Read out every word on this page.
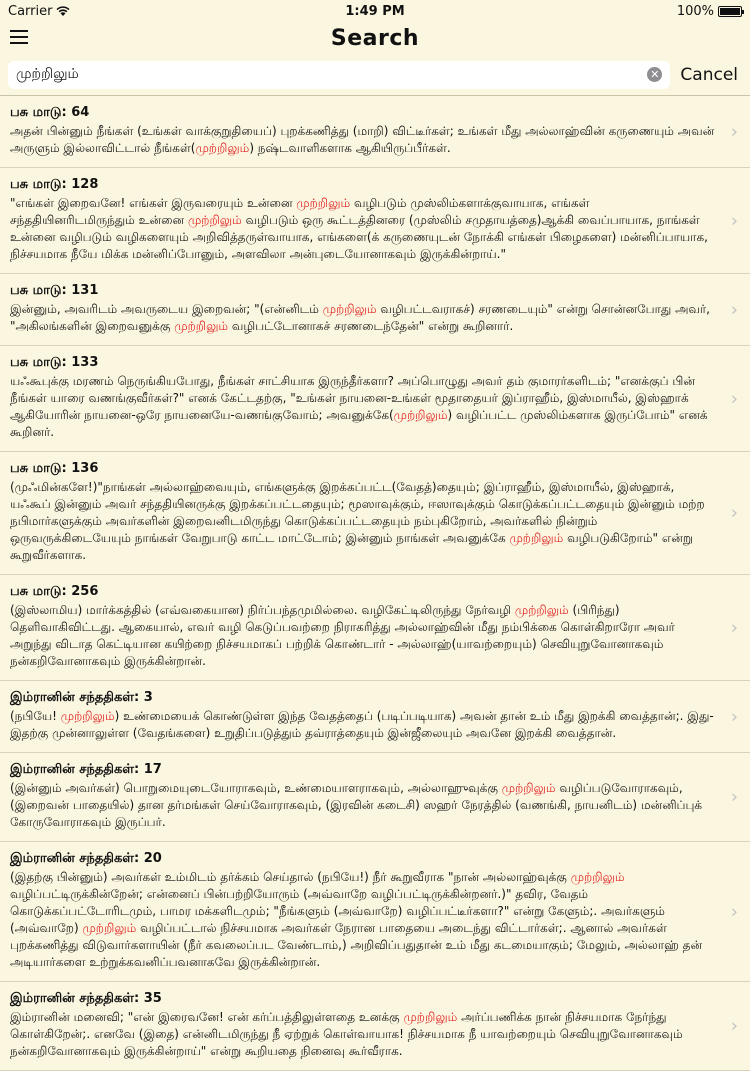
Carrier	1:49 PM	100%
Search
முற்றிலும்
✕ Cancel
பசு மாடு: 64
அதன் பின்னும் நீங்கள் (உங்கள் வாக்குறுதியைப்) புறக்கணித்து (மாறி) விட்டீர்கள்; உங்கள் மீது அல்லாஹ்வின் கருணையும் அவன் அருளும் இல்லாவிட்டால் நீங்கள்(முற்றிலும்) நஷ்டவாளிகளாக ஆகியிருப்பீர்கள்.
›
பசு மாடு: 128
"எங்கள் இறைவனே! எங்கள் இருவரையும் உன்னை முற்றிலும் வழிபடும் முஸ்லிம்களாக்குவாயாக, எங்கள் சந்ததியினரிடமிருந்தும் உன்னை முற்றிலும் வழிபடும் ஒரு கூட்டத்தினரை (முஸ்லிம் சமுதாயத்தை)ஆக்கி வைப்பாயாக, நாங்கள் உன்னை வழிபடும் வழிகளையும் அறிவித்தருள்வாயாக, எங்களை(க் கருணையுடன் நோக்கி எங்கள் பிழைகளை) மன்னிப்பாயாக, நிச்சயமாக நீயே மிக்க மன்னிப்போனும், அளவிலா அன்புடையோனாகவும் இருக்கின்றாய்."
›
பசு மாடு: 131
இன்னும், அவரிடம் அவருடைய இறைவன்; "(என்னிடம் முற்றிலும் வழிபட்டவராகச்) சரணடையும்" என்று சொன்னபோது அவர், "அகிலங்களின் இறைவனுக்கு முற்றிலும் வழிபட்டோனாகச் சரணடைந்தேன்" என்று கூறினார்.
›
பசு மாடு: 133
யஃகூபுக்கு மரணம் நெருங்கியபோது, நீங்கள் சாட்சியாக இருந்தீர்களா? அப்பொழுது அவர் தம் குமாரர்களிடம்; "எனக்குப் பின் நீங்கள் யாரை வணங்குவீர்கள்?" எனக் கேட்டதற்கு, "உங்கள் நாயனை-உங்கள் மூதாதையர் இப்ராஹீம், இஸ்மாயீல், இஸ்ஹாக் ஆகியோரின் நாயனை-ஒரே நாயனையே-வணங்குவோம்; அவனுக்கே(முற்றிலும்) வழிப்பட்ட முஸ்லிம்களாக இருப்போம்" எனக் கூறினர்.
›
பசு மாடு: 136
(முஃமின்களே!)"நாங்கள் அல்லாஹ்வையும், எங்களுக்கு இறக்கப்பட்ட(வேதத்)தையும்; இப்ராஹீம், இஸ்மாயீல், இஸ்ஹாக், யஃகூப் இன்னும் அவர் சந்ததியினருக்கு இறக்கப்பட்டதையும்; மூஸாவுக்கும், ஈஸாவுக்கும் கொடுக்கப்பட்டதையும் இன்னும் மற்ற நபிமார்களுக்கும் அவர்களின் இறைவனிடமிருந்து கொடுக்கப்பட்டதையும் நம்புகிறோம், அவர்களில் நின்றும் ஒருவருக்கிடையேயும் நாங்கள் வேறுபாடு காட்ட மாட்டோம்; இன்னும் நாங்கள் அவனுக்கே முற்றிலும் வழிபடுகிறோம்" என்று கூறுவீர்களாக.
›
பசு மாடு: 256
(இஸ்லாமிய) மார்க்கத்தில் (எவ்வகையான) நிர்ப்பந்தமுமில்லை. வழிகேட்டிலிருந்து நேர்வழி முற்றிலும் (பிரிந்து) தெளிவாகிவிட்டது. ஆகையால், எவர் வழி கெடுப்பவற்றை நிராகரித்து அல்லாஹ்வின் மீது நம்பிக்கை கொள்கிறாரோ அவர் அறுந்து விடாத கெட்டியான கயிற்றை நிச்சயமாகப் பற்றிக் கொண்டார் - அல்லாஹ்(யாவற்றையும்) செவியுறுவோனாகவும் நன்கறிவோனாகவும் இருக்கின்றான்.
›
இம்ரானின் சந்ததிகள்: 3
(நபியே! முற்றிலும்) உண்மையைக் கொண்டுள்ள இந்த வேதத்தைப் (படிப்படியாக) அவன் தான் உம் மீது இறக்கி வைத்தான்;. இது-இதற்கு முன்னாலுள்ள (வேதங்களை) உறுதிப்படுத்தும் தவ்ராத்தையும் இன்ஜீலையும் அவனே இறக்கி வைத்தான்.
›
இம்ரானின் சந்ததிகள்: 17
(இன்னும் அவர்கள்) பொறுமையுடையோராகவும், உண்மையாளராகவும், அல்லாஹுவுக்கு முற்றிலும் வழிப்படுவோராகவும், (இறைவன் பாதையில்) தான தர்மங்கள் செய்வோராகவும், (இரவின் கடைசி) ஸஹர் நேரத்தில் (வணங்கி, நாயனிடம்) மன்னிப்புக் கோருவோராகவும் இருப்பர்.
›
இம்ரானின் சந்ததிகள்: 20
(இதற்கு பின்னும்) அவர்கள் உம்மிடம் தர்க்கம் செய்தால் (நபியே!) நீர் கூறுவீராக "நான் அல்லாஹ்வுக்கு முற்றிலும் வழிப்பட்டிருக்கின்றேன்; என்னைப் பின்பற்றியோரும் (அவ்வாறே வழிப்பட்டிருக்கின்றனர்.)" தவிர, வேதம் கொடுக்கப்பட்டோரிடமும், பாமர மக்களிடமும்; "நீங்களும் (அவ்வாறே) வழிப்பட்டீர்களா?" என்று கேளும்;. அவர்களும் (அவ்வாறே) முற்றிலும் வழிப்பட்டால் நிச்சயமாக அவர்கள் நேரான பாதையை அடைந்து விட்டார்கள்;. ஆனால் அவர்கள் புறக்கணித்து விடுவார்களாயின் (நீர் கவலைப்பட வேண்டாம்,) அறிவிப்பதுதான் உம் மீது கடமையாகும்; மேலும், அல்லாஹ் தன் அடியார்களை உற்றுக்கவனிப்பவனாகவே இருக்கின்றான்.
›
இம்ரானின் சந்ததிகள்: 35
இம்ரானின் மனைவி; "என் இரைவனே! என் கர்ப்பத்திலுள்ளதை உனக்கு முற்றிலும் அர்ப்பணிக்க நான் நிச்சயமாக நேர்ந்து கொள்கிறேன்;. எனவே (இதை) என்னிடமிருந்து நீ ஏற்றுக் கொள்வாயாக! நிச்சயமாக நீ யாவற்றையும் செவியுறுவோனாகவும் நன்கறிவோனாகவும் இருக்கின்றாய்" என்று கூறியதை நினைவு கூர்வீராக.
›
